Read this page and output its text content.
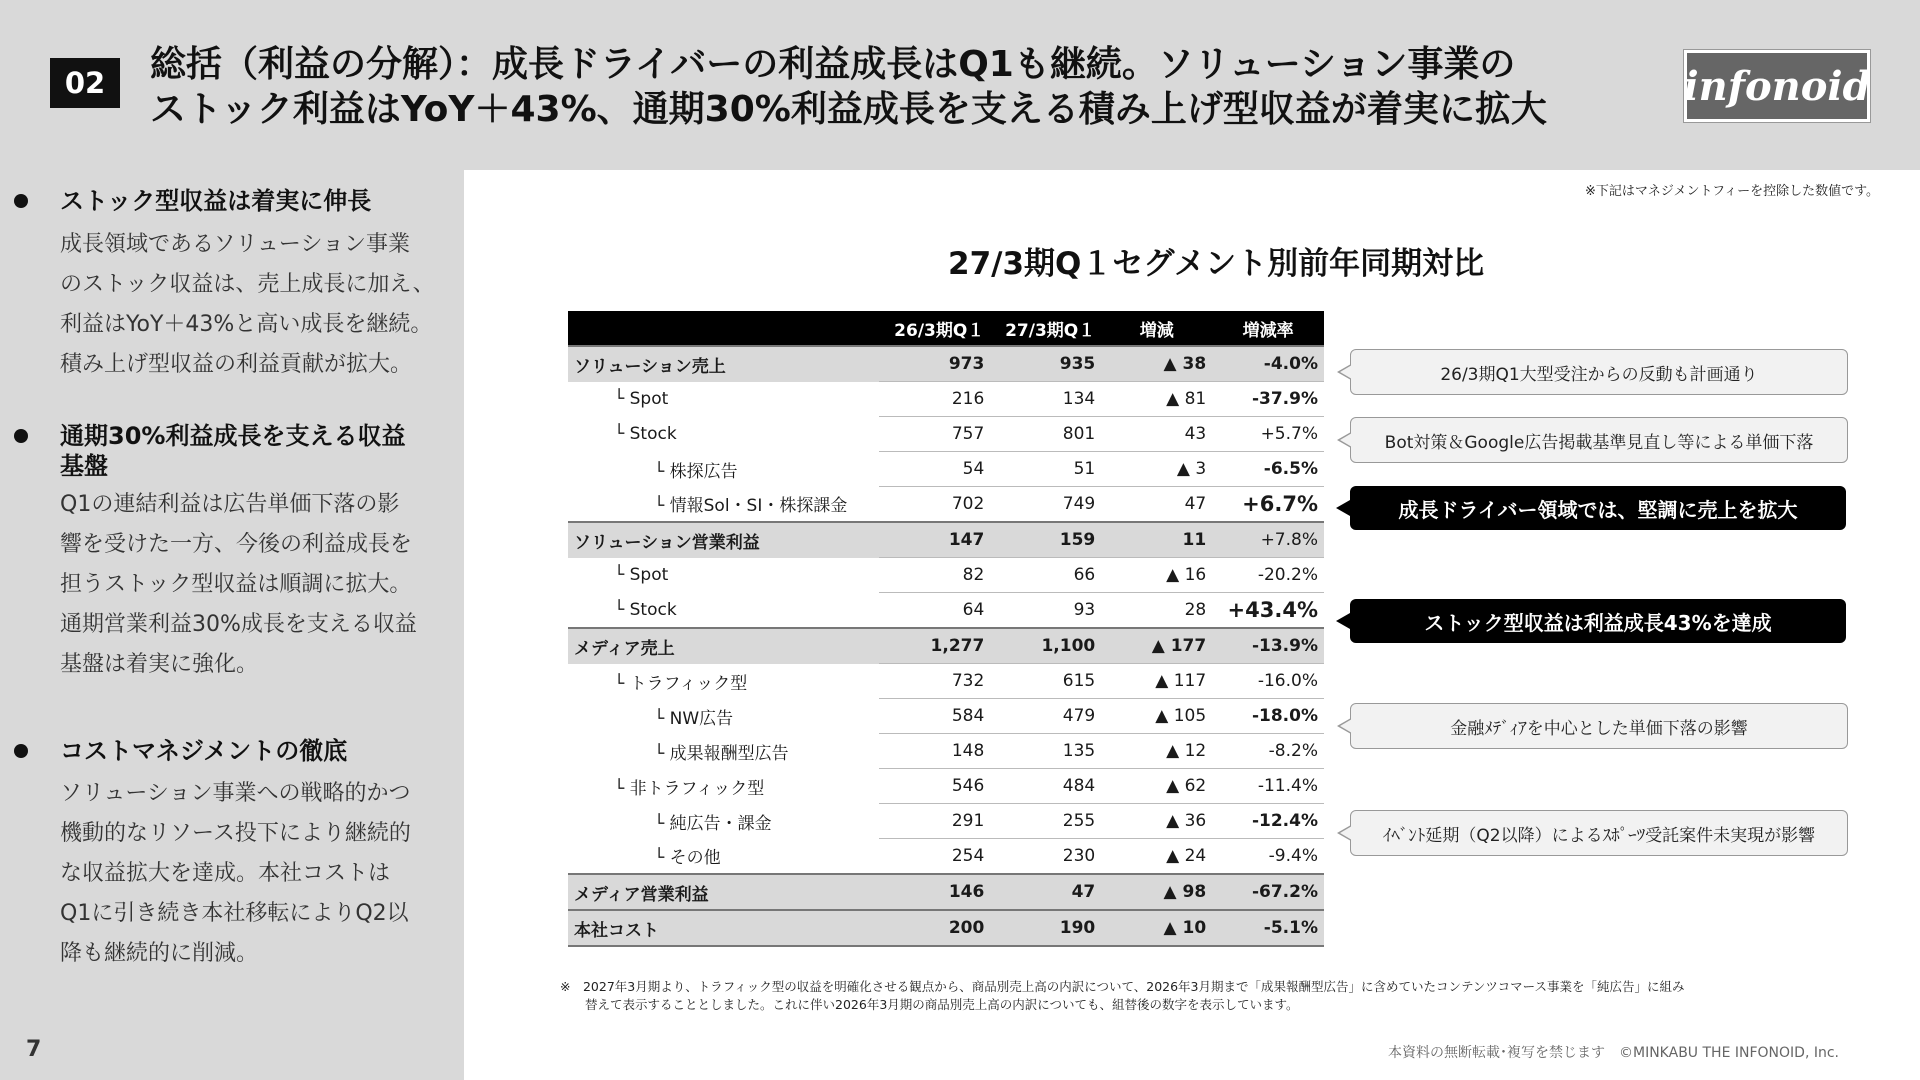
02	総括（利益の分解）：成長ドライバーの利益成長はQ1も継続。ソリューション事業の
ストック利益はYoY＋43%、通期30%利益成長を支える積み上げ型収益が着実に拡大	infonoid
ストック型収益は着実に伸長
成長領域であるソリューション事業
のストック収益は、売上成長に加え、
利益はYoY＋43%と高い成長を継続。
積み上げ型収益の利益貢献が拡大。
通期30%利益成長を支える収益
基盤
Q1の連結利益は広告単価下落の影
響を受けた一方、今後の利益成長を
担うストック型収益は順調に拡大。
通期営業利益30%成長を支える収益
基盤は着実に強化。
コストマネジメントの徹底
ソリューション事業への戦略的かつ
機動的なリソース投下により継続的
な収益拡大を達成。本社コストは
Q1に引き続き本社移転によりQ2以
降も継続的に削減。
7
※下記はマネジメントフィーを控除した数値です。
27/3期Q１セグメント別前年同期対比
	26/3期Q１	27/3期Q１	増減	増減率
ソリューション売上	973	935	▲ 38	-4.0%
└ Spot	216	134	▲ 81	-37.9%
└ Stock	757	801	43	+5.7%
└ 株探広告	54	51	▲ 3	-6.5%
└ 情報Sol・SI・株探課金	702	749	47	+6.7%
ソリューション営業利益	147	159	11	+7.8%
└ Spot	82	66	▲ 16	-20.2%
└ Stock	64	93	28	+43.4%
メディア売上	1,277	1,100	▲ 177	-13.9%
└ トラフィック型	732	615	▲ 117	-16.0%
└ NW広告	584	479	▲ 105	-18.0%
└ 成果報酬型広告	148	135	▲ 12	-8.2%
└ 非トラフィック型	546	484	▲ 62	-11.4%
└ 純広告・課金	291	255	▲ 36	-12.4%
└ その他	254	230	▲ 24	-9.4%
メディア営業利益	146	47	▲ 98	-67.2%
本社コスト	200	190	▲ 10	-5.1%
26/3期Q1大型受注からの反動も計画通り
Bot対策＆Google広告掲載基準見直し等による単価下落
成長ドライバー領域では、堅調に売上を拡大
ストック型収益は利益成長43%を達成
金融ﾒﾃﾞｨｱを中心とした単価下落の影響
ｲﾍﾞﾝﾄ延期（Q2以降）によるｽﾎﾟｰﾂ受託案件未実現が影響
※　2027年3月期より、トラフィック型の収益を明確化させる観点から、商品別売上高の内訳について、2026年3月期まで「成果報酬型広告」に含めていたコンテンツコマース事業を「純広告」に組み
　　替えて表示することとしました。これに伴い2026年3月期の商品別売上高の内訳についても、組替後の数字を表示しています。
本資料の無断転載･複写を禁じます　©MINKABU THE INFONOID, Inc.
